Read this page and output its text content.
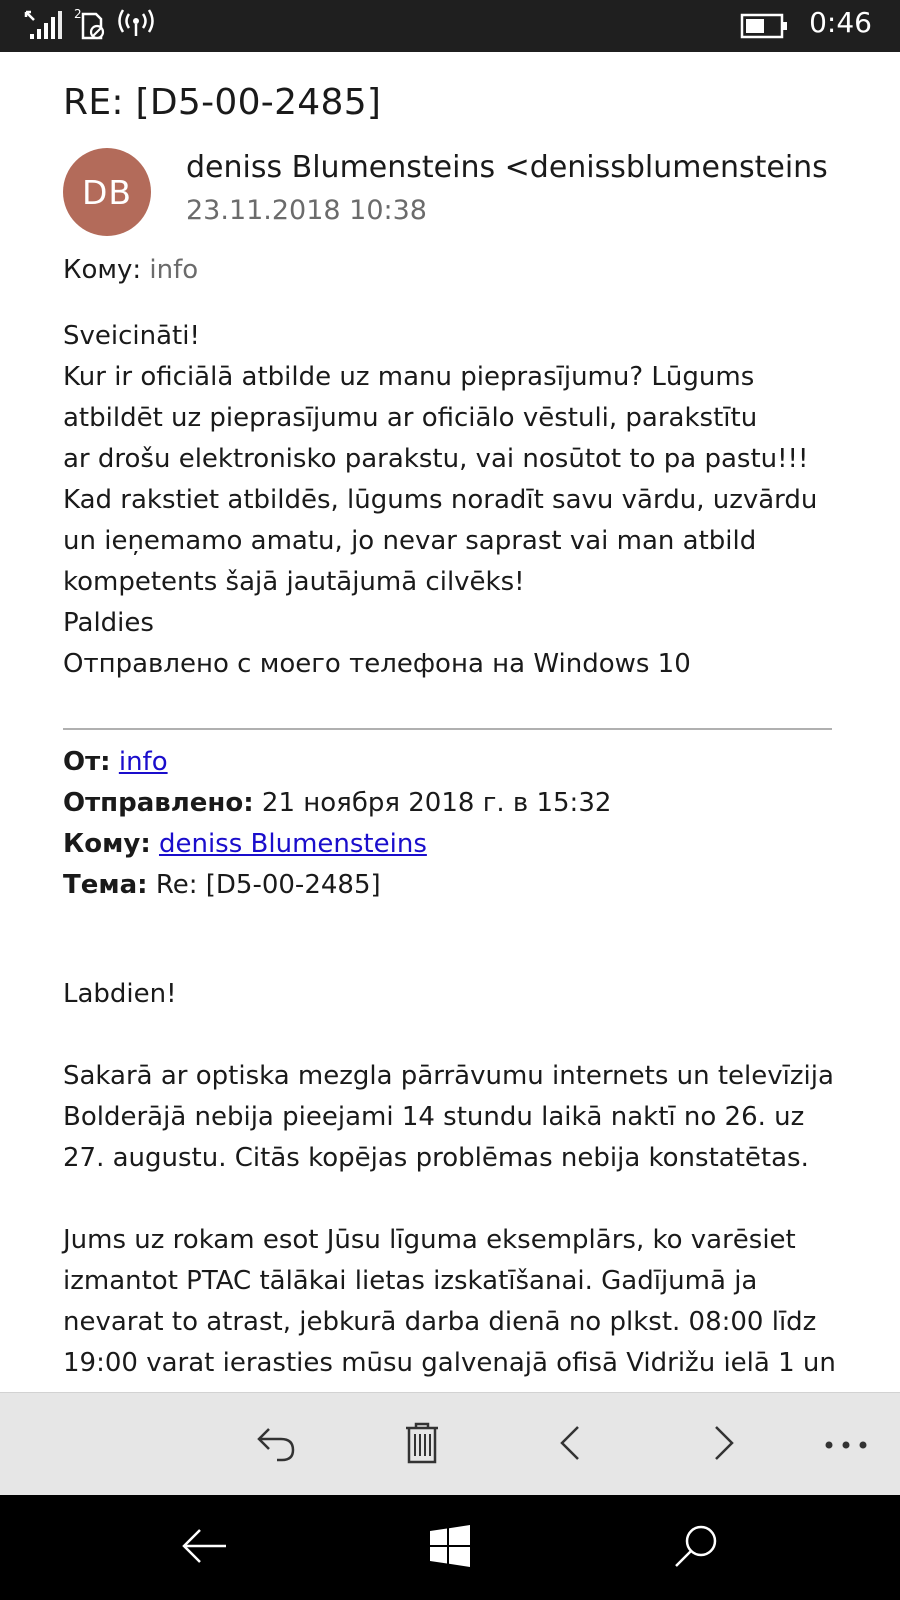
2	0:46
RE: [D5-00-2485]
DB
deniss Blumensteins <denissblumensteins
23.11.2018 10:38
Кому: info
Sveicināti!
Kur ir oficiālā atbilde uz manu pieprasījumu? Lūgums
atbildēt uz pieprasījumu ar oficiālo vēstuli, parakstītu
ar drošu elektronisko parakstu, vai nosūtot to pa pastu!!!
Kad rakstiet atbildēs, lūgums noradīt savu vārdu, uzvārdu
un ieņemamo amatu, jo nevar saprast vai man atbild
kompetents šajā jautājumā cilvēks!
Paldies
Отправлено с моего телефона на Windows 10
От: info
Отправлено: 21 ноября 2018 г. в 15:32
Кому: deniss Blumensteins
Тема: Re: [D5-00-2485]
Labdien!
Sakarā ar optiska mezgla pārrāvumu internets un televīzija
Bolderājā nebija pieejami 14 stundu laikā naktī no 26. uz
27. augustu. Citās kopējas problēmas nebija konstatētas.
Jums uz rokam esot Jūsu līguma eksemplārs, ko varēsiet
izmantot PTAC tālākai lietas izskatīšanai. Gadījumā ja
nevarat to atrast, jebkurā darba dienā no plkst. 08:00 līdz
19:00 varat ierasties mūsu galvenajā ofisā Vidrižu ielā 1 un
